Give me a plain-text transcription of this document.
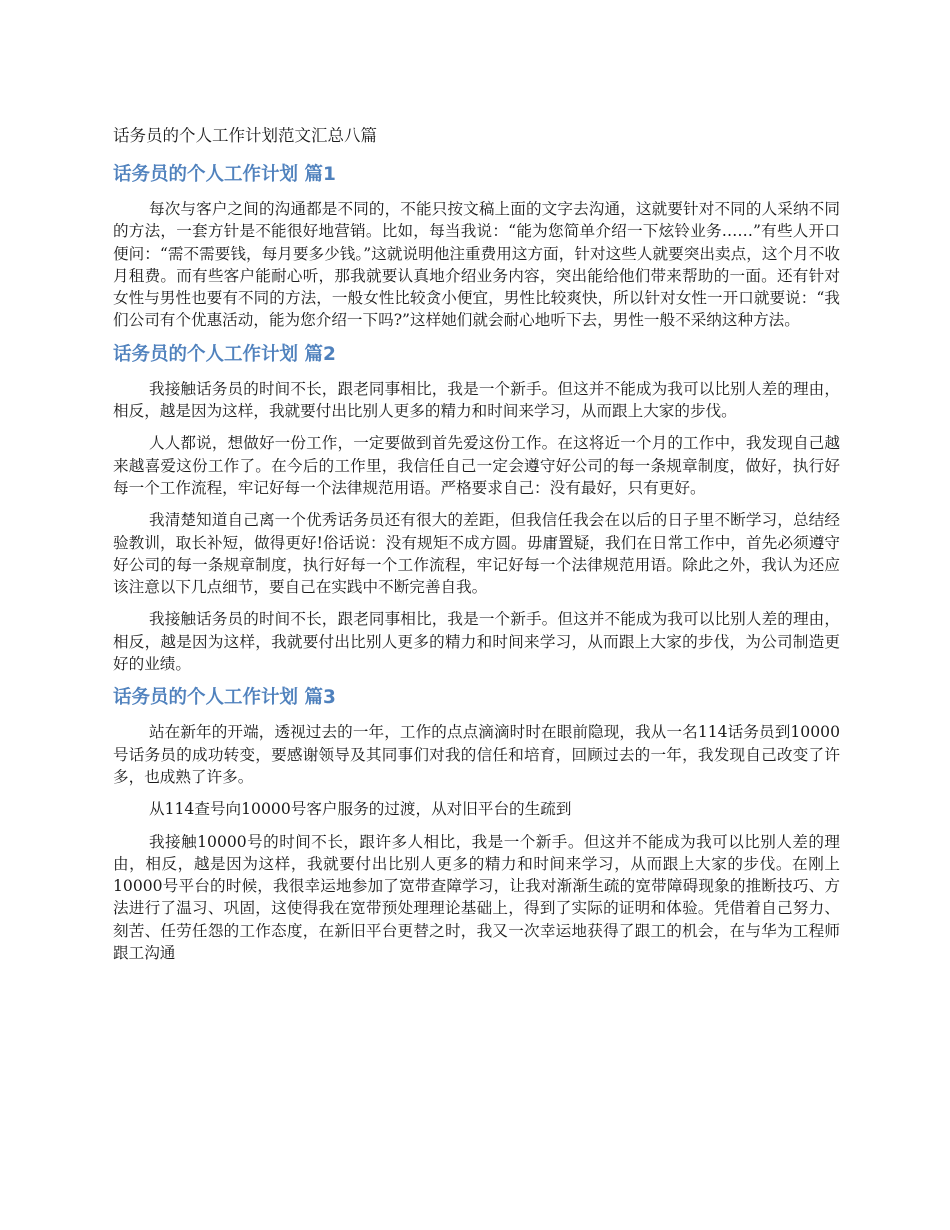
话务员的个人工作计划范文汇总八篇
话务员的个人工作计划 篇1

每次与客户之间的沟通都是不同的，不能只按文稿上面的文字去沟通，这就要针对不同的人采纳不同的方法，一套方针是不能很好地营销。比如，每当我说：“能为您简单介绍一下炫铃业务……”有些人开口便问：“需不需要钱，每月要多少钱。”这就说明他注重费用这方面，针对这些人就要突出卖点，这个月不收月租费。而有些客户能耐心听，那我就要认真地介绍业务内容，突出能给他们带来帮助的一面。还有针对女性与男性也要有不同的方法，一般女性比较贪小便宜，男性比较爽快，所以针对女性一开口就要说：“我们公司有个优惠活动，能为您介绍一下吗?”这样她们就会耐心地听下去，男性一般不采纳这种方法。

话务员的个人工作计划 篇2

我接触话务员的时间不长，跟老同事相比，我是一个新手。但这并不能成为我可以比别人差的理由，相反，越是因为这样，我就要付出比别人更多的精力和时间来学习，从而跟上大家的步伐。

人人都说，想做好一份工作，一定要做到首先爱这份工作。在这将近一个月的工作中，我发现自己越来越喜爱这份工作了。在今后的工作里，我信任自己一定会遵守好公司的每一条规章制度，做好，执行好每一个工作流程，牢记好每一个法律规范用语。严格要求自己：没有最好，只有更好。

我清楚知道自己离一个优秀话务员还有很大的差距，但我信任我会在以后的日子里不断学习，总结经验教训，取长补短，做得更好!俗话说：没有规矩不成方圆。毋庸置疑，我们在日常工作中，首先必须遵守好公司的每一条规章制度，执行好每一个工作流程，牢记好每一个法律规范用语。除此之外，我认为还应该注意以下几点细节，要自己在实践中不断完善自我。

我接触话务员的时间不长，跟老同事相比，我是一个新手。但这并不能成为我可以比别人差的理由，相反，越是因为这样，我就要付出比别人更多的精力和时间来学习，从而跟上大家的步伐，为公司制造更好的业绩。

话务员的个人工作计划 篇3

站在新年的开端，透视过去的一年，工作的点点滴滴时时在眼前隐现，我从一名114话务员到10000号话务员的成功转变，要感谢领导及其同事们对我的信任和培育，回顾过去的一年，我发现自己改变了许多，也成熟了许多。

从114查号向10000号客户服务的过渡，从对旧平台的生疏到

我接触10000号的时间不长，跟许多人相比，我是一个新手。但这并不能成为我可以比别人差的理由，相反，越是因为这样，我就要付出比别人更多的精力和时间来学习，从而跟上大家的步伐。在刚上10000号平台的时候，我很幸运地参加了宽带查障学习，让我对渐渐生疏的宽带障碍现象的推断技巧、方法进行了温习、巩固，这使得我在宽带预处理理论基础上，得到了实际的证明和体验。凭借着自己努力、刻苦、任劳任怨的工作态度，在新旧平台更替之时，我又一次幸运地获得了跟工的机会，在与华为工程师跟工沟通
